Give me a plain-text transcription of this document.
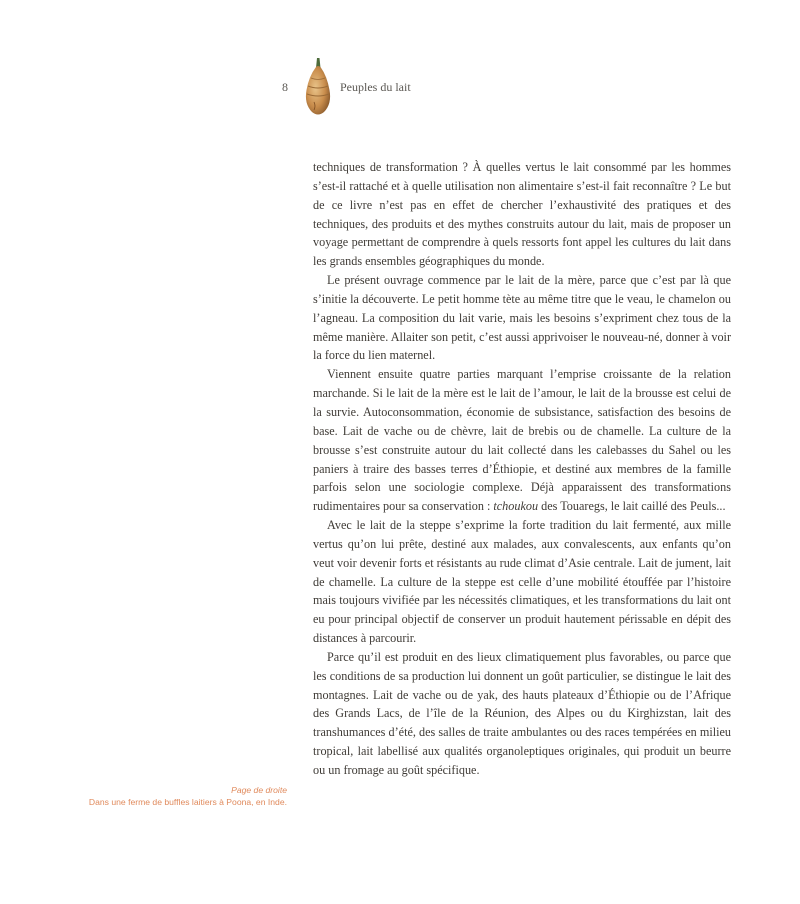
8	Peuples du lait

techniques de transformation ? À quelles vertus le lait consommé par les hommes s’est-il rattaché et à quelle utilisation non alimentaire s’est-il fait reconnaître ? Le but de ce livre n’est pas en effet de chercher l’exhaustivité des pratiques et des techniques, des produits et des mythes construits autour du lait, mais de proposer un voyage permettant de comprendre à quels ressorts font appel les cultures du lait dans les grands ensembles géographiques du monde.

Le présent ouvrage commence par le lait de la mère, parce que c’est par là que s’initie la découverte. Le petit homme tète au même titre que le veau, le chamelon ou l’agneau. La composition du lait varie, mais les besoins s’expriment chez tous de la même manière. Allaiter son petit, c’est aussi apprivoiser le nouveau-né, donner à voir la force du lien maternel.

Viennent ensuite quatre parties marquant l’emprise croissante de la relation marchande. Si le lait de la mère est le lait de l’amour, le lait de la brousse est celui de la survie. Autoconsommation, économie de subsistance, satisfaction des besoins de base. Lait de vache ou de chèvre, lait de brebis ou de chamelle. La culture de la brousse s’est construite autour du lait collecté dans les calebasses du Sahel ou les paniers à traire des basses terres d’Éthiopie, et destiné aux membres de la famille parfois selon une sociologie complexe. Déjà apparaissent des transformations rudimentaires pour sa conservation : tchoukou des Touaregs, le lait caillé des Peuls...

Avec le lait de la steppe s’exprime la forte tradition du lait fermenté, aux mille vertus qu’on lui prête, destiné aux malades, aux convalescents, aux enfants qu’on veut voir devenir forts et résistants au rude climat d’Asie centrale. Lait de jument, lait de chamelle. La culture de la steppe est celle d’une mobilité étouffée par l’histoire mais toujours vivifiée par les nécessités climatiques, et les transformations du lait ont eu pour principal objectif de conserver un produit hautement périssable en dépit des distances à parcourir.

Parce qu’il est produit en des lieux climatiquement plus favorables, ou parce que les conditions de sa production lui donnent un goût particulier, se distingue le lait des montagnes. Lait de vache ou de yak, des hauts plateaux d’Éthiopie ou de l’Afrique des Grands Lacs, de l’île de la Réunion, des Alpes ou du Kirghizstan, lait des transhumances d’été, des salles de traite ambulantes ou des races tempérées en milieu tropical, lait labellisé aux qualités organoleptiques originales, qui produit un beurre ou un fromage au goût spécifique.

Page de droite
Dans une ferme de buffles laitiers à Poona, en Inde.
